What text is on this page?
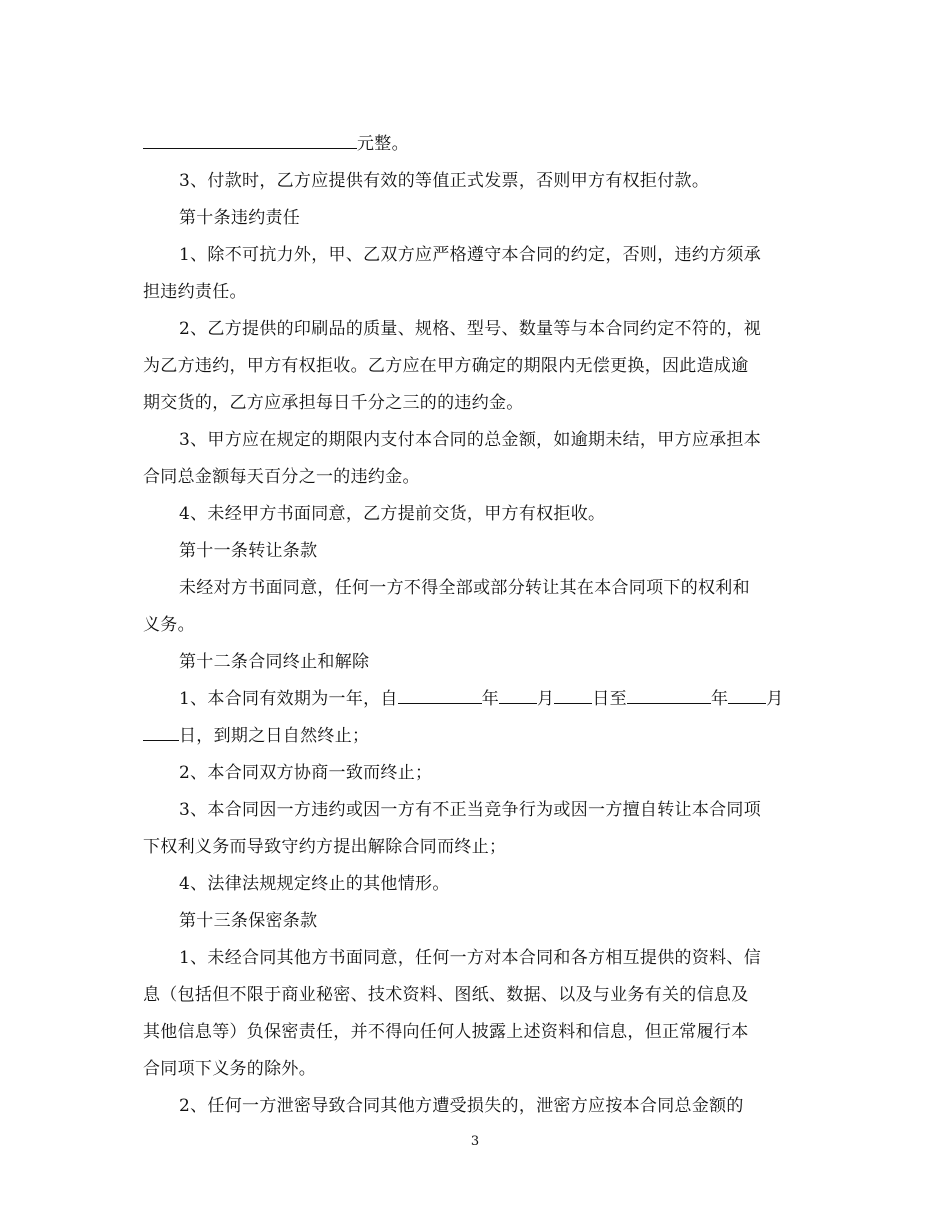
元整。
3、付款时，乙方应提供有效的等值正式发票，否则甲方有权拒付款。
第十条违约责任
1、除不可抗力外，甲、乙双方应严格遵守本合同的约定，否则，违约方须承
担违约责任。
2、乙方提供的印刷品的质量、规格、型号、数量等与本合同约定不符的，视
为乙方违约，甲方有权拒收。乙方应在甲方确定的期限内无偿更换，因此造成逾
期交货的，乙方应承担每日千分之三的的违约金。
3、甲方应在规定的期限内支付本合同的总金额，如逾期未结，甲方应承担本
合同总金额每天百分之一的违约金。
4、未经甲方书面同意，乙方提前交货，甲方有权拒收。
第十一条转让条款
未经对方书面同意，任何一方不得全部或部分转让其在本合同项下的权利和
义务。
第十二条合同终止和解除
1、本合同有效期为一年，自	年 月 日至	年 月
日，到期之日自然终止；
2、本合同双方协商一致而终止；
3、本合同因一方违约或因一方有不正当竞争行为或因一方擅自转让本合同项
下权利义务而导致守约方提出解除合同而终止；
4、法律法规规定终止的其他情形。
第十三条保密条款
1、未经合同其他方书面同意，任何一方对本合同和各方相互提供的资料、信
息（包括但不限于商业秘密、技术资料、图纸、数据、以及与业务有关的信息及
其他信息等）负保密责任，并不得向任何人披露上述资料和信息，但正常履行本
合同项下义务的除外。
2、任何一方泄密导致合同其他方遭受损失的，泄密方应按本合同总金额的
3
